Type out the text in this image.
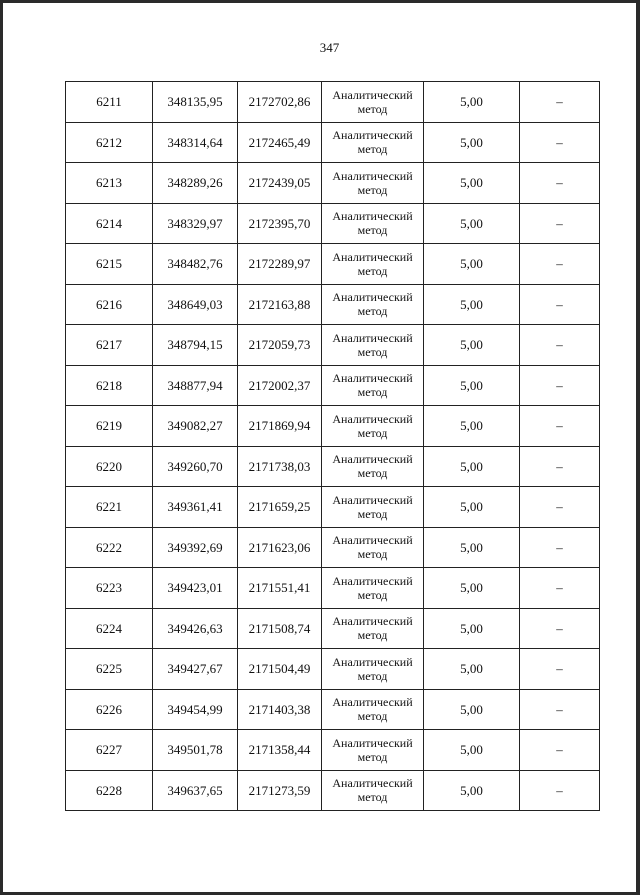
347
6211	348135,95	2172702,86	Аналитический метод	5,00	–
6212	348314,64	2172465,49	Аналитический метод	5,00	–
6213	348289,26	2172439,05	Аналитический метод	5,00	–
6214	348329,97	2172395,70	Аналитический метод	5,00	–
6215	348482,76	2172289,97	Аналитический метод	5,00	–
6216	348649,03	2172163,88	Аналитический метод	5,00	–
6217	348794,15	2172059,73	Аналитический метод	5,00	–
6218	348877,94	2172002,37	Аналитический метод	5,00	–
6219	349082,27	2171869,94	Аналитический метод	5,00	–
6220	349260,70	2171738,03	Аналитический метод	5,00	–
6221	349361,41	2171659,25	Аналитический метод	5,00	–
6222	349392,69	2171623,06	Аналитический метод	5,00	–
6223	349423,01	2171551,41	Аналитический метод	5,00	–
6224	349426,63	2171508,74	Аналитический метод	5,00	–
6225	349427,67	2171504,49	Аналитический метод	5,00	–
6226	349454,99	2171403,38	Аналитический метод	5,00	–
6227	349501,78	2171358,44	Аналитический метод	5,00	–
6228	349637,65	2171273,59	Аналитический метод	5,00	–
